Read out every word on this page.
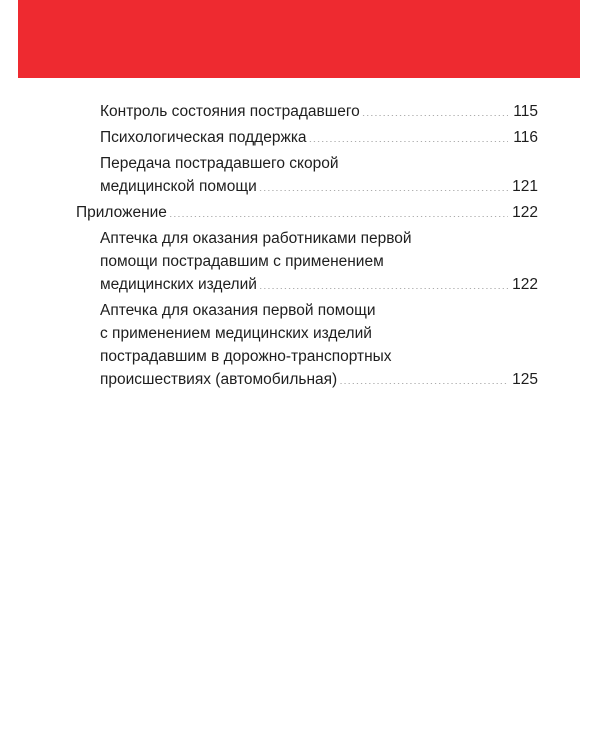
Контроль состояния пострадавшего .....	115
Психологическая поддержка .....	116
Передача пострадавшего скорой
медицинской помощи .....	121
Приложение .....	122
Аптечка для оказания работниками первой
помощи пострадавшим с применением
медицинских изделий .....	122
Аптечка для оказания первой помощи
с применением медицинских изделий
пострадавшим в дорожно-транспортных
происшествиях (автомобильная) .....	125
